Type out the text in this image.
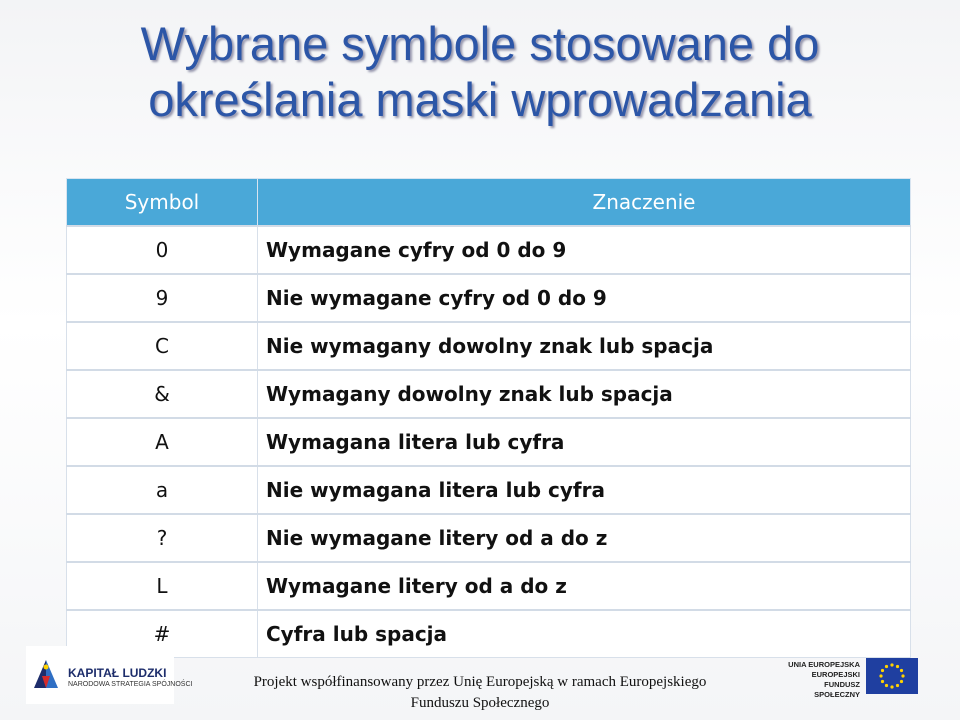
Wybrane symbole stosowane do
określania maski wprowadzania
Symbol	Znaczenie
0	Wymagane cyfry od 0 do 9
9	Nie wymagane cyfry od 0 do 9
C	Nie wymagany dowolny znak lub spacja
&	Wymagany dowolny znak lub spacja
A	Wymagana litera lub cyfra
a	Nie wymagana litera lub cyfra
?	Nie wymagane litery od a do z
L	Wymagane litery od a do z
#	Cyfra lub spacja
KAPITAŁ LUDZKI
NARODOWA STRATEGIA SPÓJNOŚCI	Projekt współfinansowany przez Unię Europejską w ramach Europejskiego
Funduszu Społecznego
UNIA EUROPEJSKA
EUROPEJSKI
FUNDUSZ SPOŁECZNY
